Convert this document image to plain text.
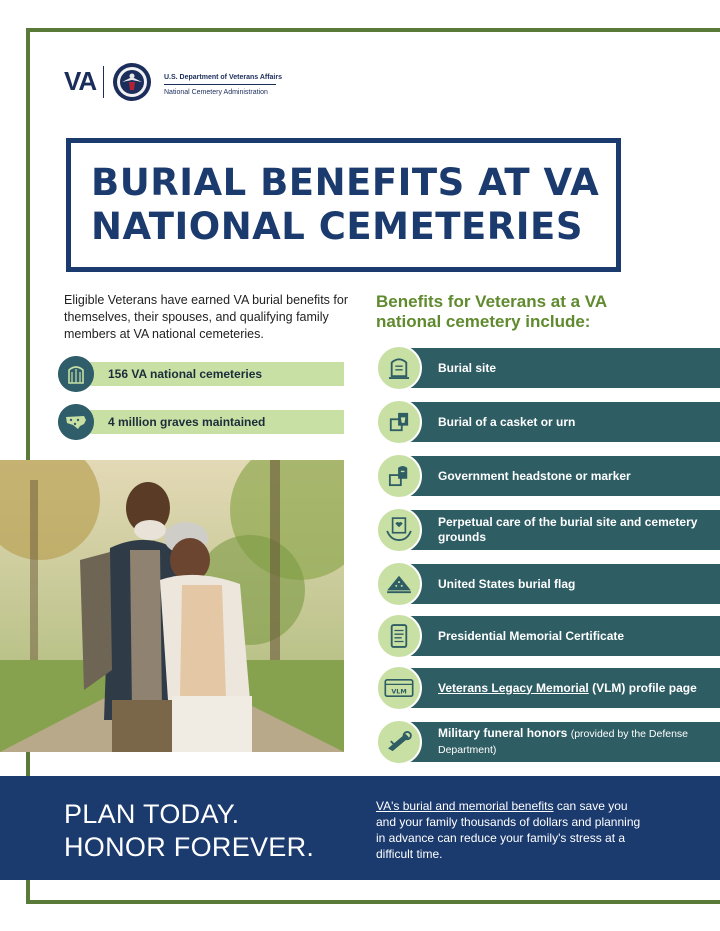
VA	U.S. Department of Veterans Affairs
National Cemetery Administration
BURIAL BENEFITS AT VA
NATIONAL CEMETERIES
Eligible Veterans have earned VA burial benefits for themselves, their spouses, and qualifying family members at VA national cemeteries.
156 VA national cemeteries
4 million graves maintained
Benefits for Veterans at a VA national cemetery include:
Burial site
Burial of a casket or urn
Government headstone or marker
Perpetual care of the burial site and cemetery grounds
United States burial flag
Presidential Memorial Certificate
VLM	Veterans Legacy Memorial (VLM) profile page
Military funeral honors (provided by the Defense Department)

PLAN TODAY.
HONOR FOREVER.

VA's burial and memorial benefits can save you and your family thousands of dollars and planning in advance can reduce your family's stress at a difficult time.
